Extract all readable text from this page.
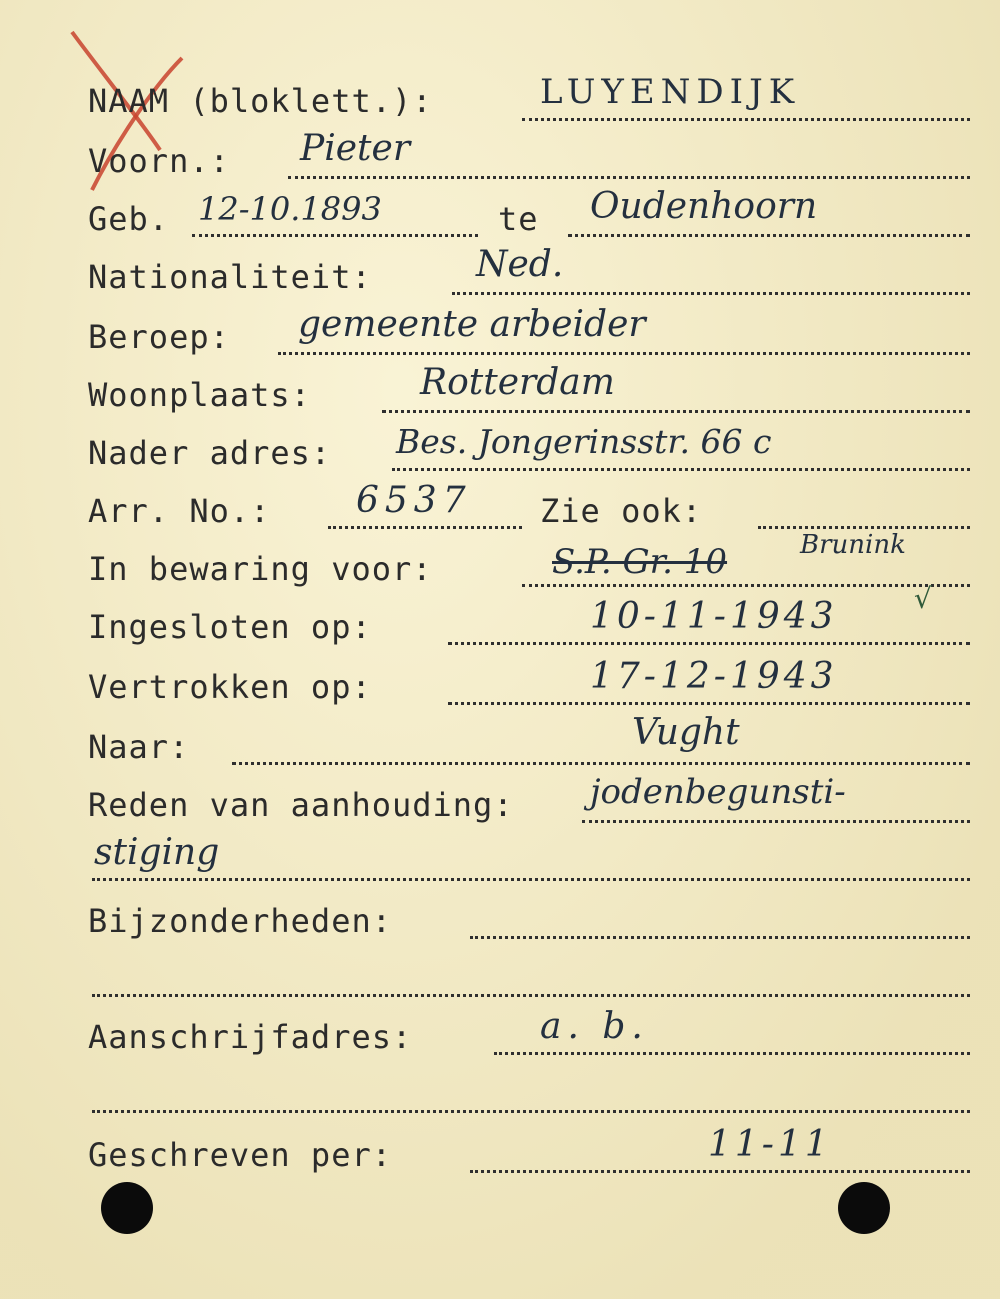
NAAM (bloklett.):	LUYENDIJK
Voorn.: Pieter
Geb. 12-10.1893	te Oudenhoorn
Nationaliteit:	Ned.
Beroep: gemeente arbeider
Woonplaats:	Rotterdam
Nader adres: Bes. Jongerinsstr. 66 c
Arr. No.: 6537 Zie ook:
In bewaring voor:	S.P. Gr. 10	Brunink
Ingesloten op:	10-11-1943	√
Vertrokken op:	17-12-1943
Naar:	Vught
Reden van aanhouding: jodenbegunsti-
stiging
Bijzonderheden:
Aanschrijfadres:	a. b.
Geschreven per:	11-11
